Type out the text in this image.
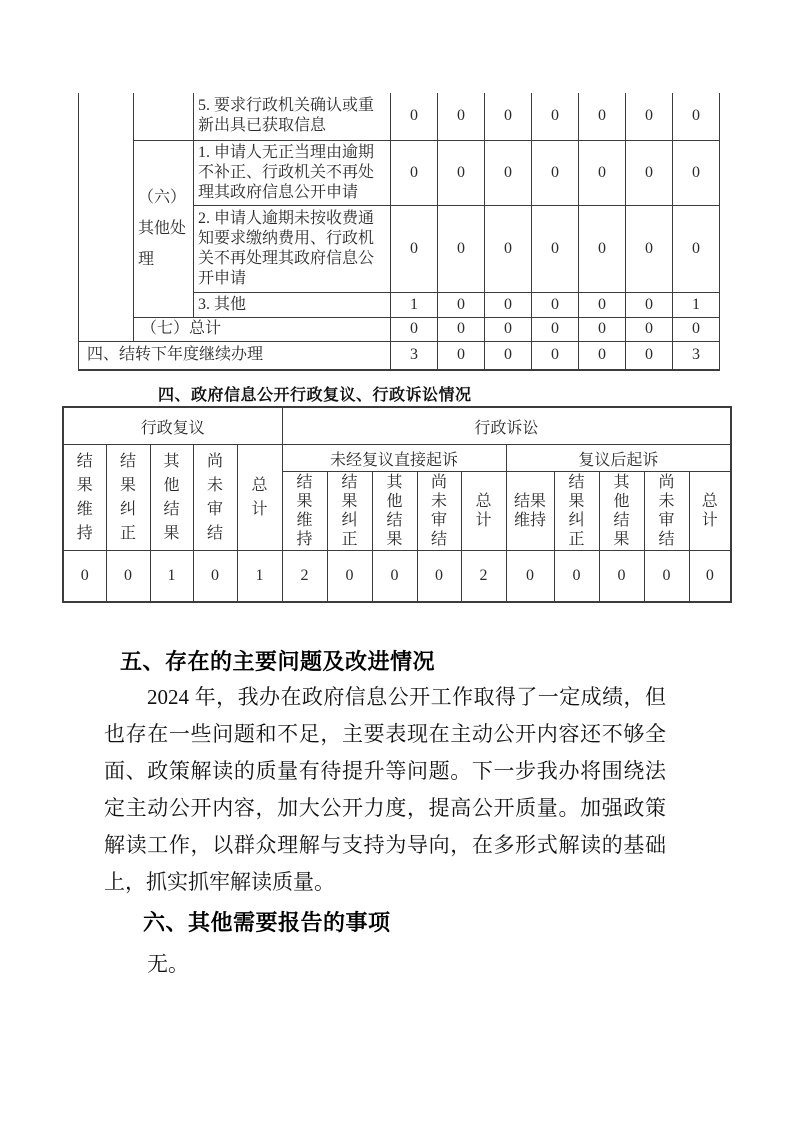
		5. 要求行政机关确认或重新出具已获取信息	0	0	0	0	0	0	0
	（六）其他处理	1. 申请人无正当理由逾期不补正、行政机关不再处理其政府信息公开申请	0	0	0	0	0	0	0
		2. 申请人逾期未按收费通知要求缴纳费用、行政机关不再处理其政府信息公开申请	0	0	0	0	0	0	0
		3. 其他	1	0	0	0	0	0	1
	（七）总计		0	0	0	0	0	0	0
四、结转下年度继续办理			3	0	0	0	0	0	3
四、政府信息公开行政复议、行政诉讼情况
行政复议					行政诉讼									
结果维持	结果纠正	其他结果	尚未审结	总计	未经复议直接起诉					复议后起诉				
					结果维持	结果纠正	其他结果	尚未审结	总计	结果维持	结果纠正	其他结果	尚未审结	总计
0	0	1	0	1	2	0	0	0	2	0	0	0	0	0
五、存在的主要问题及改进情况
2024 年，我办在政府信息公开工作取得了一定成绩，但也存在一些问题和不足，主要表现在主动公开内容还不够全面、政策解读的质量有待提升等问题。下一步我办将围绕法定主动公开内容，加大公开力度，提高公开质量。加强政策解读工作，以群众理解与支持为导向，在多形式解读的基础上，抓实抓牢解读质量。
六、其他需要报告的事项
无。
